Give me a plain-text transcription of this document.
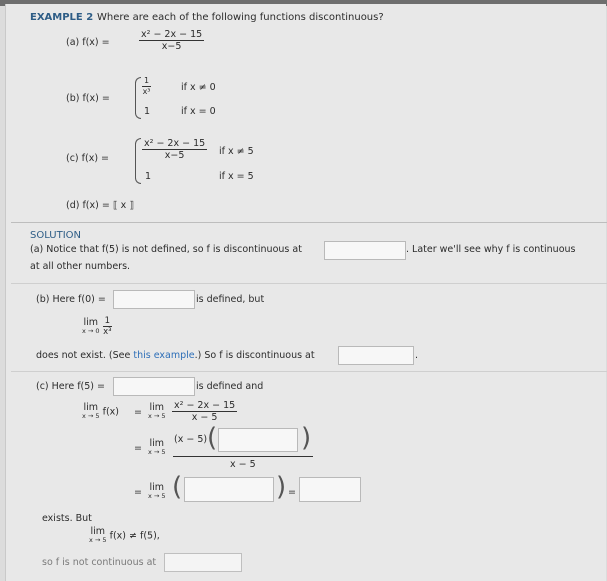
EXAMPLE 2 Where are each of the following functions discontinuous?
(a) f(x) =	$\frac{\text{x² − 2x − 15}}{x-5}$
(b) f(x) =
$\frac{1}{\text{x³}}$	if x ≠ 0
1	if x = 0
(c) f(x) =	$\frac{\text{x² − 2x − 15}}{x-5}$ if x ≠ 5
1	if x = 5
(d) f(x) = ⟦ x ⟧
SOLUTION
(a) Notice that f(5) is not defined, so f is discontinuous at	. Later we'll see why f is continuous
at all other numbers.
(b) Here f(0) =	is defined, but
lim
x → 0
$\frac{1}{\text{x³}}$
does not exist. (See this example.) So f is discontinuous at	.
(c) Here f(5) =	is defined and
lim
x → 5 f(x) = lim
$x \to 5 \frac{\text{x² − 2x − 15}}{x - 5}$
= lim
x → 5
(x − 5) (	)
x − 5
= lim
x → 5 (	) =
exists. But
lim
x → 5 f(x) ≠ f(5),
so f is not continuous at
